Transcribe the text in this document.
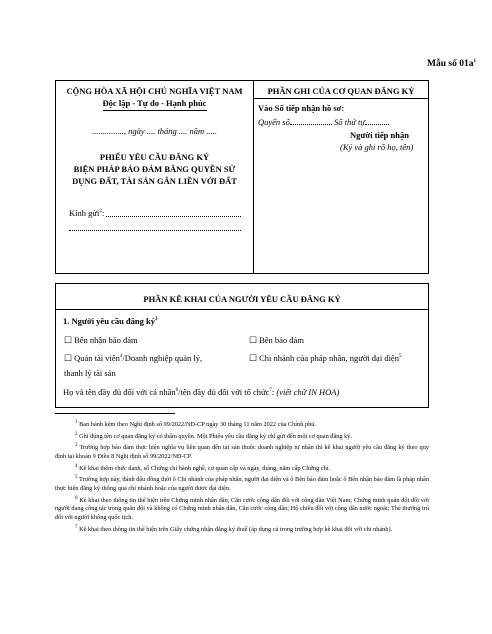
Mẫu số $01a^1$
CỘNG HÒA XÃ HỘI CHỦ NGHĨA VIỆT NAM
Độc lập - Tự do - Hạnh phúc
..............., ngày .... tháng .... năm .....
PHIẾU YÊU CẦU ĐĂNG KÝ
BIỆN PHÁP BẢO ĐẢM BẰNG QUYỀN SỬ
DỤNG ĐẤT, TÀI SẢN GẮN LIỀN VỚI ĐẤT
Kính gửi$^2$:
PHẦN GHI CỦA CƠ QUAN ĐĂNG KÝ
Vào Sổ tiếp nhận hồ sơ:
Quyển số	Số thứ tự
Người tiếp nhận
(Ký và ghi rõ họ, tên)
PHẦN KÊ KHAI CỦA NGƯỜI YÊU CẦU ĐĂNG KÝ
1. Người yêu cầu đăng $ký^3$
☐ Bên nhận bảo đảm
☐	Bên bảo đảm
☐ Quản tài viên$^4$/Doanh nghiệp quản lý,
thanh lý tài sản
☐ Chi nhánh của pháp nhân, người đại diện$^5$
Họ và tên đầy đủ đối với cá nhân$^6$/tên đầy đủ đối với tổ chức$^7$: (viết chữ IN HOA)
$^1$ Ban hành kèm theo Nghị định số 99/2022/NĐ-CP ngày 30 tháng 11 năm 2022 của Chính phủ.
$^2$ Ghi đúng tên cơ quan đăng ký có thẩm quyền. Một Phiếu yêu cầu đăng ký chỉ gửi đến một cơ quan đăng ký.
$^3$ Trường hợp bảo đảm thực hiện nghĩa vụ liên quan đến tài sản thuộc doanh nghiệp tư nhân thì kê khai người yêu cầu đăng ký theo quy định tại khoản 9 Điều 8 Nghị định số 99/2022/NĐ-CP.
$^4$ Kê khai thêm chức danh, số Chứng chỉ hành nghề, cơ quan cấp và ngày, tháng, năm cấp Chứng chỉ.
$^5$ Trường hợp này, đánh dấu đồng thời ô Chi nhánh của pháp nhân, người đại diện và ô Bên bảo đảm hoặc ô Bên nhận bảo đảm là pháp nhân thực hiện đăng ký thông qua chi nhánh hoặc của người được đại diện.
$^6$ Kê khai theo thông tin thể hiện trên Chứng minh nhân dân, Căn cước công dân đối với công dân Việt Nam; Chứng minh quân đội đối với người đang công tác trong quân đội và không có Chứng minh nhân dân, Căn cước công dân; Hộ chiếu đối với công dân nước ngoài; Thẻ thường trú đối với người không quốc tịch.
$^7$ Kê khai theo thông tin thể hiện trên Giấy chứng nhận đăng ký thuế (áp dụng cả trong trường hợp kê khai đối với chi nhánh).
